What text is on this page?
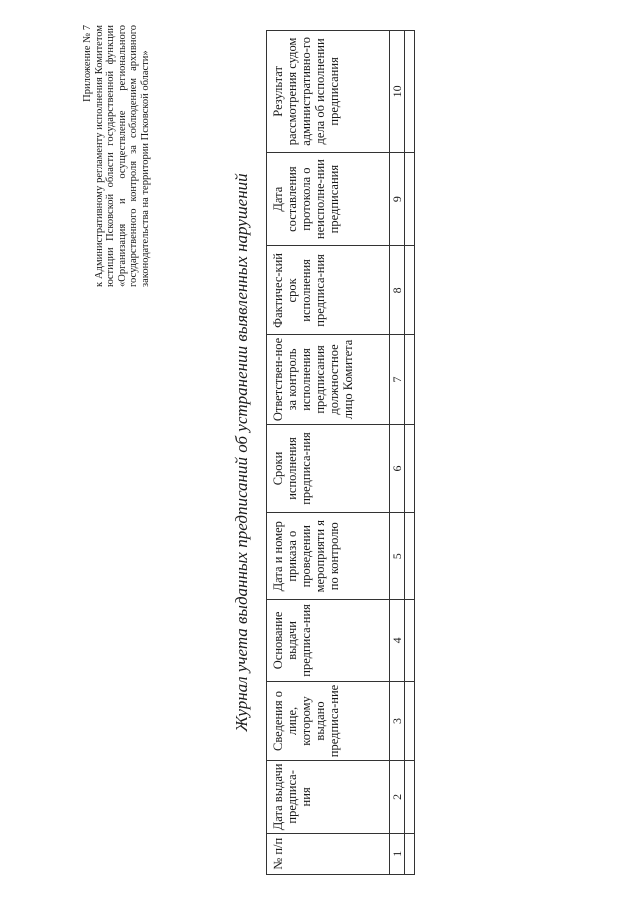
Приложение № 7 к Административному регламенту исполнения Комитетом юстиции Псковской области государственной функции «Организация и осуществление регионального государственного контроля за соблюдением архивного законодательства на территории Псковской области»
Журнал учета выданных предписаний об устранении выявленных нарушений
№ п/п	Дата выдачи предписа-ния	Сведения о лице, которому выдано предписа-ние	Основание выдачи предписа-ния	Дата и номер приказа о проведении мероприяти я по контролю	Сроки исполнения предписа-ния	Ответствен-ное за контроль исполнения предписания должностное лицо Комитета	Фактичес-кий срок исполнения предписа-ния	Дата составления протокола о неисполне-нии предписания	Результат рассмотрения судом административно-го дела об исполнении предписания
1	2	3	4	5	6	7	8	9	10
